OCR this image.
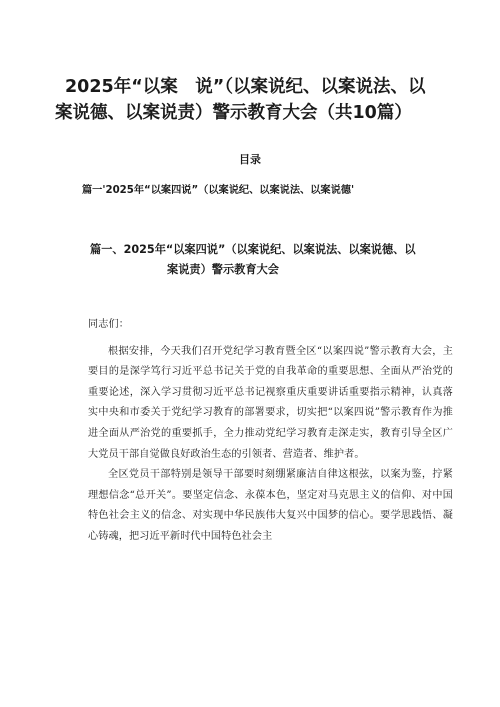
2025年“以案　说”（以案说纪、以案说法、以
案说德、以案说责）警示教育大会（共10篇）
目录
篇一'2025年“以案四说”（以案说纪、以案说法、以案说德'
篇一、2025年“以案四说”（以案说纪、以案说法、以案说德、以
案说责）警示教育大会

同志们：

根据安排，今天我们召开党纪学习教育暨全区“以案四说”警示教育大会，主要目的是深学笃行习近平总书记关于党的自我革命的重要思想、全面从严治党的重要论述，深入学习贯彻习近平总书记视察重庆重要讲话重要指示精神，认真落实中央和市委关于党纪学习教育的部署要求，切实把“以案四说”警示教育作为推进全面从严治党的重要抓手，全力推动党纪学习教育走深走实，教育引导全区广大党员干部自觉做良好政治生态的引领者、营造者、维护者。

全区党员干部特别是领导干部要时刻绷紧廉洁自律这根弦，以案为鉴，拧紧理想信念“总开关”。要坚定信念、永葆本色，坚定对马克思主义的信仰、对中国特色社会主义的信念、对实现中华民族伟大复兴中国梦的信心。要学思践悟、凝心铸魂，把习近平新时代中国特色社会主
